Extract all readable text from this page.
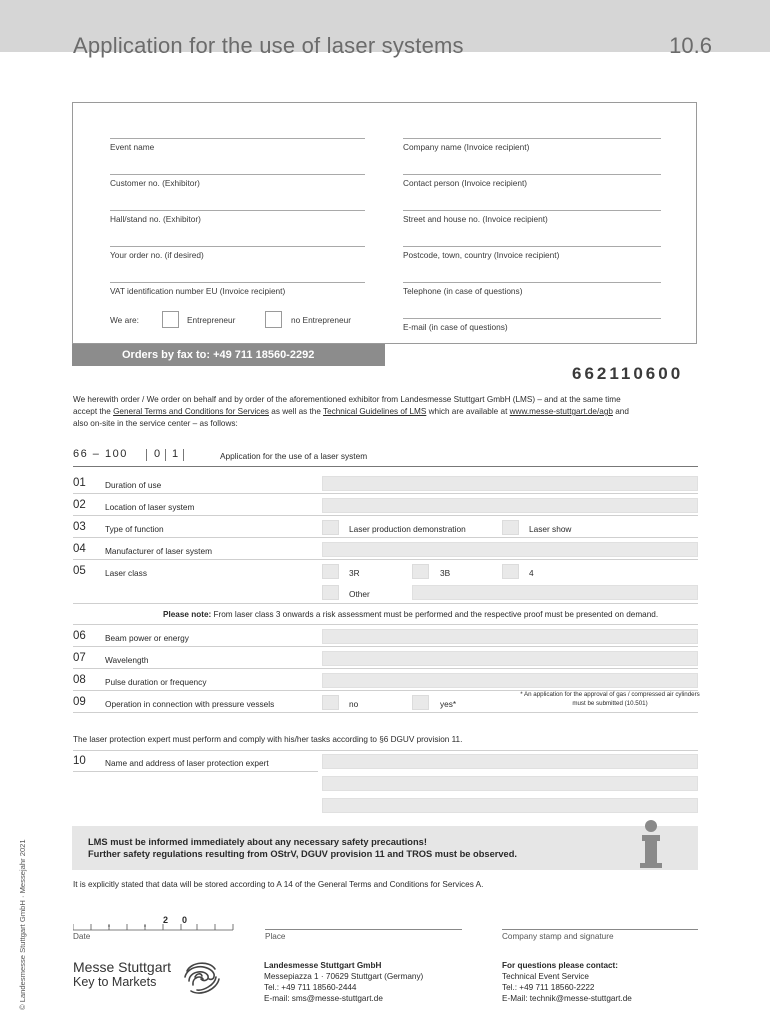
Application for the use of laser systems	10.6
Event name
Customer no. (Exhibitor)
Hall/stand no. (Exhibitor)
Your order no. (if desired)
VAT identification number EU (Invoice recipient)
Company name (Invoice recipient)
Contact person (Invoice recipient)
Street and house no. (Invoice recipient)
Postcode, town, country (Invoice recipient)
Telephone (in case of questions)
E-mail (in case of questions)
We are:	Entrepreneur	no Entrepreneur
Orders by fax to: +49 711 18560-2292
662110600
We herewith order / We order on behalf and by order of the aforementioned exhibitor from Landesmesse Stuttgart GmbH (LMS) – and at the same time
accept the General Terms and Conditions for Services as well as the Technical Guidelines of LMS which are available at www.messe-stuttgart.de/agb and
also on-site in the service center – as follows:
66 – 100 0 1	Application for the use of a laser system
01 Duration of use
02 Location of laser system
03 Type of function	Laser production demonstration	Laser show
04 Manufacturer of laser system
05 Laser class	3R	3B	4
Other
Please note: From laser class 3 onwards a risk assessment must be performed and the respective proof must be presented on demand.
06 Beam power or energy
07 Wavelength
08 Pulse duration or frequency
09 Operation in connection with pressure vessels	no	yes*
* An application for the approval of gas / compressed air cylinders must be submitted (10.501)
The laser protection expert must perform and comply with his/her tasks according to §6 DGUV provision 11.
10 Name and address of laser protection expert
LMS must be informed immediately about any necessary safety precautions!
Further safety regulations resulting from OStrV, DGUV provision 11 and TROS must be observed.
It is explicitly stated that data will be stored according to A 14 of the General Terms and Conditions for Services A.
2 0
Date	Place	Company stamp and signature
Messe Stuttgart
Key to Markets
Landesmesse Stuttgart GmbH
Messepiazza 1 · 70629 Stuttgart (Germany)
Tel.: +49 711 18560-2444
E-mail: sms@messe-stuttgart.de
For questions please contact:
Technical Event Service
Tel.: +49 711 18560-2222
E-Mail: technik@messe-stuttgart.de
© Landesmesse Stuttgart GmbH · Messejahr 2021
